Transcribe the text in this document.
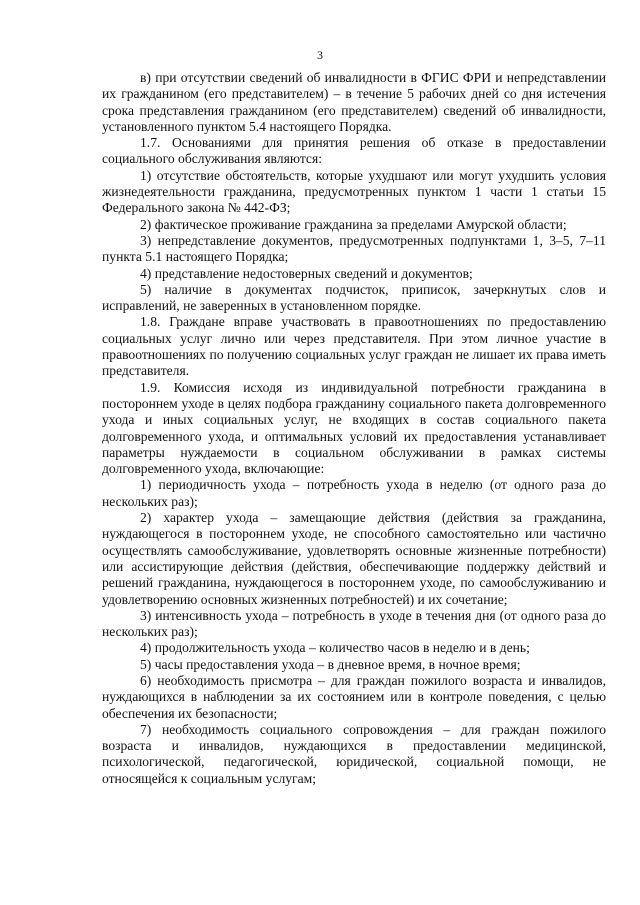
3

в) при отсутствии сведений об инвалидности в ФГИС ФРИ и непредставлении их гражданином (его представителем) – в течение 5 рабочих дней со дня истечения срока представления гражданином (его представителем) сведений об инвалидности, установленного пунктом 5.4 настоящего Порядка.

1.7. Основаниями для принятия решения об отказе в предоставлении социального обслуживания являются:

1) отсутствие обстоятельств, которые ухудшают или могут ухудшить условия жизнедеятельности гражданина, предусмотренных пунктом 1 части 1 статьи 15 Федерального закона № 442-ФЗ;

2) фактическое проживание гражданина за пределами Амурской области;

3) непредставление документов, предусмотренных подпунктами 1, 3–5, 7–11 пункта 5.1 настоящего Порядка;

4) представление недостоверных сведений и документов;

5) наличие в документах подчисток, приписок, зачеркнутых слов и исправлений, не заверенных в установленном порядке.

1.8. Граждане вправе участвовать в правоотношениях по предоставлению социальных услуг лично или через представителя. При этом личное участие в правоотношениях по получению социальных услуг граждан не лишает их права иметь представителя.

1.9. Комиссия исходя из индивидуальной потребности гражданина в постороннем уходе в целях подбора гражданину социального пакета долговременного ухода и иных социальных услуг, не входящих в состав социального пакета долговременного ухода, и оптимальных условий их предоставления устанавливает параметры нуждаемости в социальном обслуживании в рамках системы долговременного ухода, включающие:

1) периодичность ухода – потребность ухода в неделю (от одного раза до нескольких раз);

2) характер ухода – замещающие действия (действия за гражданина, нуждающегося в постороннем уходе, не способного самостоятельно или частично осуществлять самообслуживание, удовлетворять основные жизненные потребности) или ассистирующие действия (действия, обеспечивающие поддержку действий и решений гражданина, нуждающегося в постороннем уходе, по самообслуживанию и удовлетворению основных жизненных потребностей) и их сочетание;

3) интенсивность ухода – потребность в уходе в течения дня (от одного раза до нескольких раз);

4) продолжительность ухода – количество часов в неделю и в день;

5) часы предоставления ухода – в дневное время, в ночное время;

6) необходимость присмотра – для граждан пожилого возраста и инвалидов, нуждающихся в наблюдении за их состоянием или в контроле поведения, с целью обеспечения их безопасности;

7) необходимость социального сопровождения – для граждан пожилого возраста и инвалидов, нуждающихся в предоставлении медицинской, психологической, педагогической, юридической, социальной помощи, не относящейся к социальным услугам;
